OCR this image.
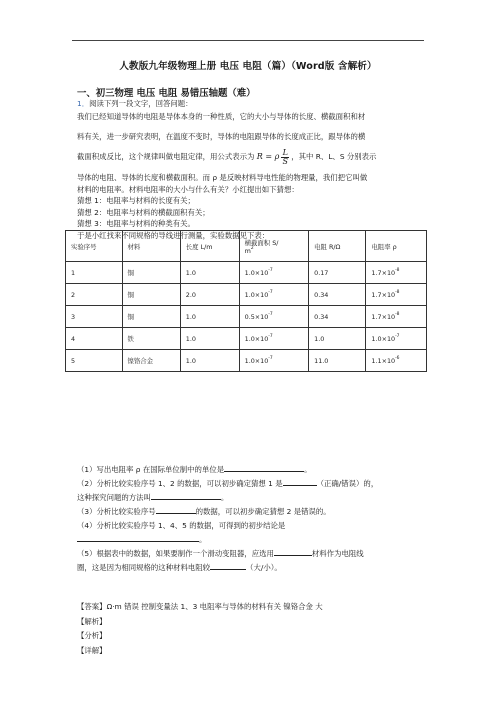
人教版九年级物理上册 电压 电阻（篇）（Word版 含解析）
一、初三物理 电压 电阻 易错压轴题（难）
1．阅读下列一段文字，回答问题：
我们已经知道导体的电阻是导体本身的一种性质，它的大小与导体的长度、横截面积和材
料有关，进一步研究表明，在温度不变时，导体的电阻跟导体的长度成正比，跟导体的横
截面积成反比，这个规律叫做电阻定律，用公式表示为 R = ρ $\frac{L}{S}$ ，其中 R、L、S 分别表示
导体的电阻、导体的长度和横截面积。而 ρ 是反映材料导电性能的物理量，我们把它叫做
材料的电阻率。材料电阻率的大小与什么有关？小红提出如下猜想：
猜想 1：电阻率与材料的长度有关；
猜想 2：电阻率与材料的横截面积有关；
猜想 3：电阻率与材料的种类有关。
于是小红找来不同规格的导线进行测量，实验数据见下表：
实验序号	材料	长度 L/m	横截面积 S/
$m^2$	电阻 R/Ω	电阻率 ρ
1	铜	1.0	$1.0\times 10^{-7}$	0.17	$1.7\times 10^{-8}$
2	铜	2.0	$1.0\times 10^{-7}$	0.34	$1.7\times 10^{-8}$
3	铜	1.0	$0.5\times 10^{-7}$	0.34	$1.7\times 10^{-8}$
4	铁	1.0	$1.0\times 10^{-7}$	1.0	$1.0\times 10^{-7}$
5	镍铬合金	1.0	$1.0\times 10^{-7}$	11.0	$1.1\times 10^{-6}$
（1）写出电阻率 ρ 在国际单位制中的单位是	。
（2）分析比较实验序号 1、2 的数据，可以初步确定猜想 1 是	（正确/错误）的，
这种探究问题的方法叫	。
（3）分析比较实验序号	的数据，可以初步确定猜想 2 是错误的。
（4）分析比较实验序号 1、4、5 的数据，可得到的初步结论是
。
（5）根据表中的数据，如果要制作一个滑动变阻器，应选用	材料作为电阻线
圈，这是因为相同规格的这种材料电阻较	（大/小）。
【答案】Ω·m 错误 控制变量法 1、3 电阻率与导体的材料有关 镍铬合金 大
【解析】
【分析】
【详解】
